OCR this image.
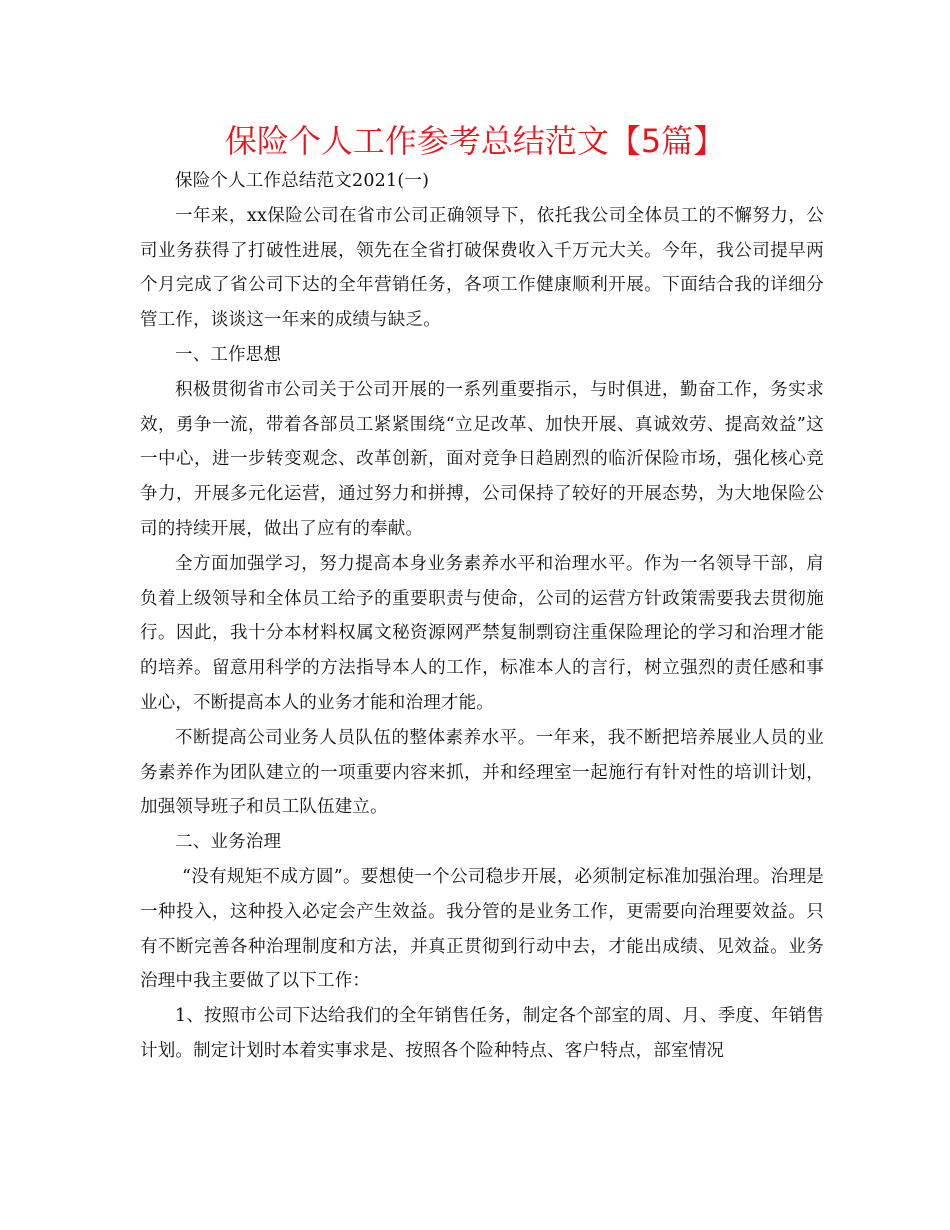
保险个人工作参考总结范文【5篇】

保险个人工作总结范文2021(一)

一年来，xx保险公司在省市公司正确领导下，依托我公司全体员工的不懈努力，公司业务获得了打破性进展，领先在全省打破保费收入千万元大关。今年，我公司提早两个月完成了省公司下达的全年营销任务，各项工作健康顺利开展。下面结合我的详细分管工作，谈谈这一年来的成绩与缺乏。

一、工作思想

积极贯彻省市公司关于公司开展的一系列重要指示，与时俱进，勤奋工作，务实求效，勇争一流，带着各部员工紧紧围绕“立足改革、加快开展、真诚效劳、提高效益”这一中心，进一步转变观念、改革创新，面对竞争日趋剧烈的临沂保险市场，强化核心竞争力，开展多元化运营，通过努力和拼搏，公司保持了较好的开展态势，为大地保险公司的持续开展，做出了应有的奉献。

全方面加强学习，努力提高本身业务素养水平和治理水平。作为一名领导干部，肩负着上级领导和全体员工给予的重要职责与使命，公司的运营方针政策需要我去贯彻施行。因此，我十分本材料权属文秘资源网严禁复制剽窃注重保险理论的学习和治理才能的培养。留意用科学的方法指导本人的工作，标准本人的言行，树立强烈的责任感和事业心，不断提高本人的业务才能和治理才能。

不断提高公司业务人员队伍的整体素养水平。一年来，我不断把培养展业人员的业务素养作为团队建立的一项重要内容来抓，并和经理室一起施行有针对性的培训计划，加强领导班子和员工队伍建立。

二、业务治理

“没有规矩不成方圆”。要想使一个公司稳步开展，必须制定标准加强治理。治理是一种投入，这种投入必定会产生效益。我分管的是业务工作，更需要向治理要效益。只有不断完善各种治理制度和方法，并真正贯彻到行动中去，才能出成绩、见效益。业务治理中我主要做了以下工作：

1、按照市公司下达给我们的全年销售任务，制定各个部室的周、月、季度、年销售计划。制定计划时本着实事求是、按照各个险种特点、客户特点，部室情况
